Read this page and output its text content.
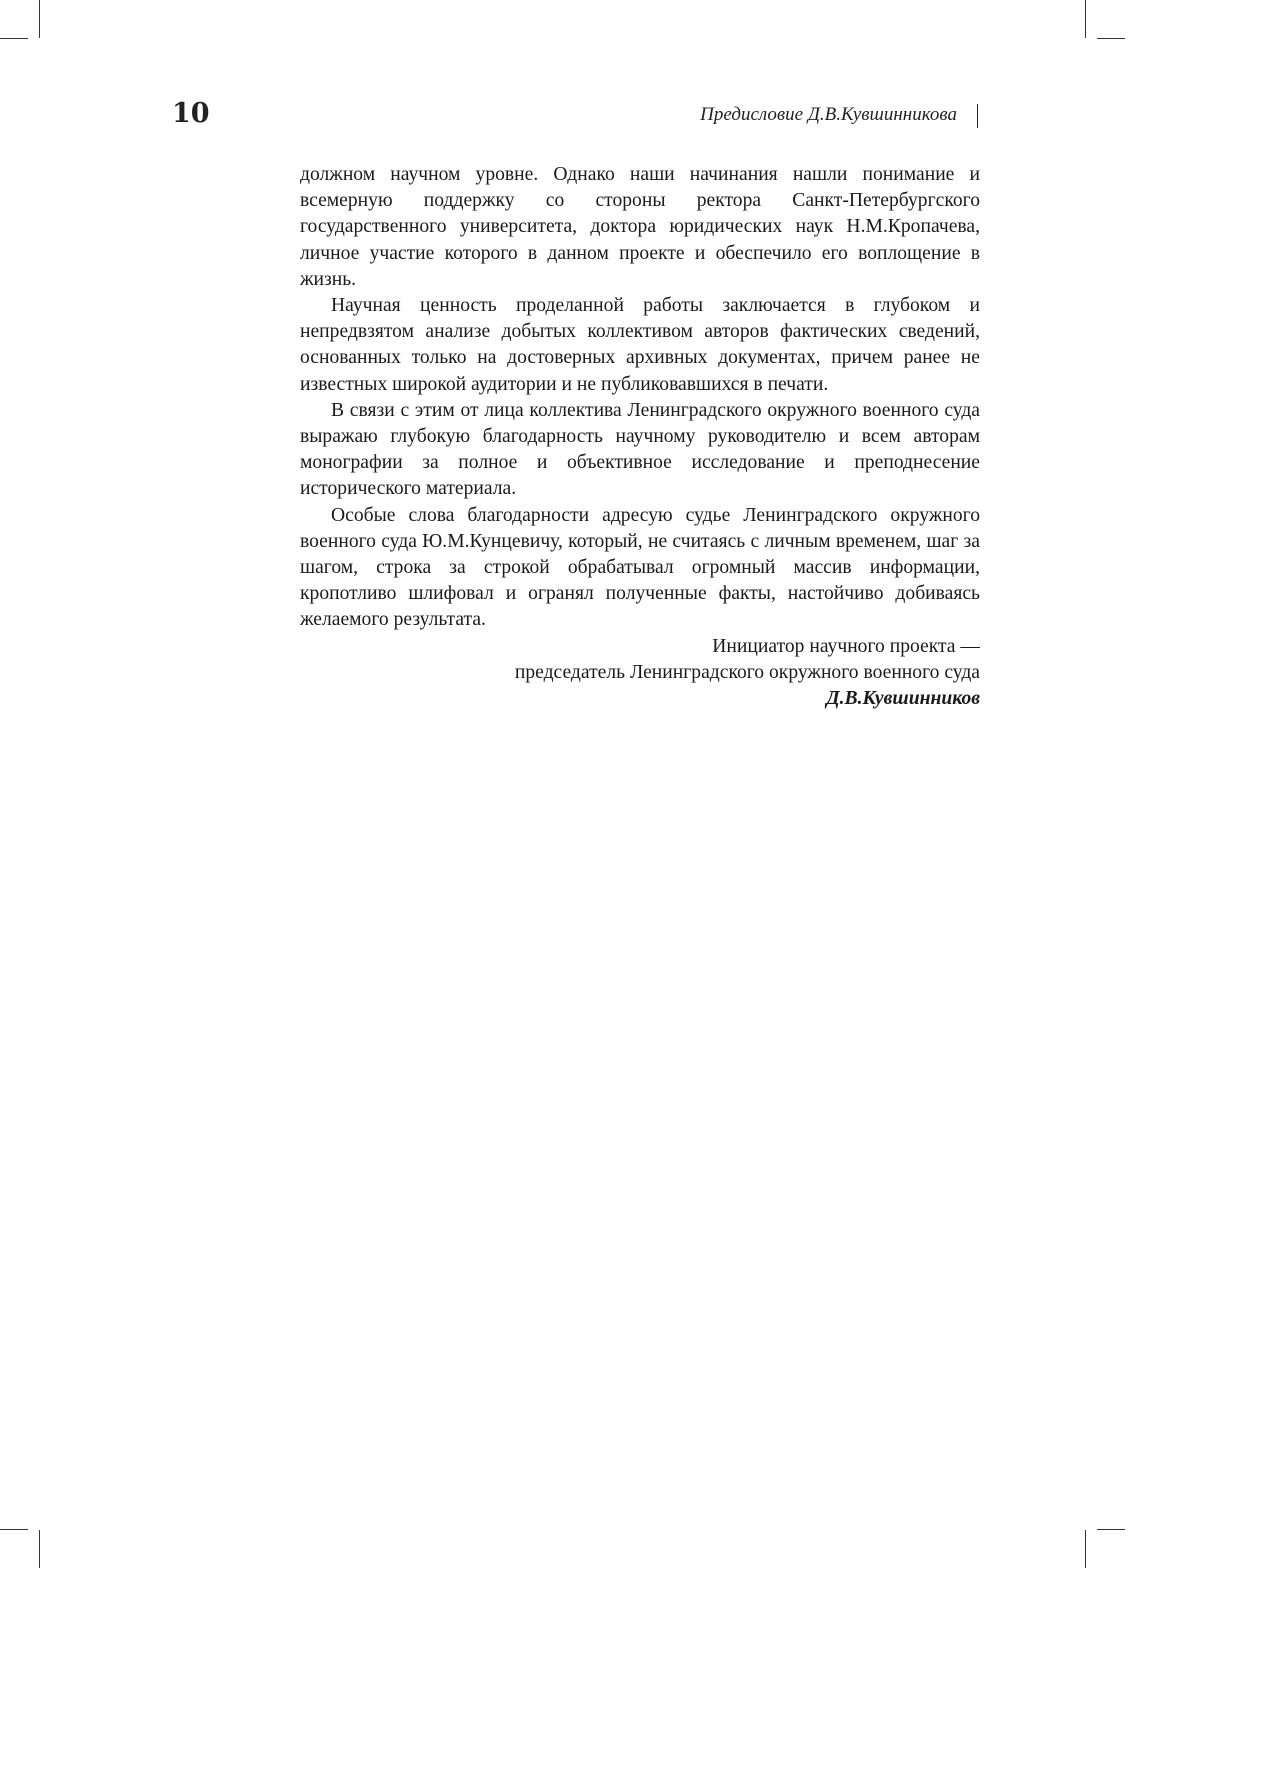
10	Предисловие Д.В.Кувшинникова

должном научном уровне. Однако наши начинания нашли понимание и всемерную поддержку со стороны ректора Санкт-Петербургского государственного университета, доктора юридических наук Н.М.Кропачева, личное участие которого в данном проекте и обеспечило его воплощение в жизнь.

Научная ценность проделанной работы заключается в глубоком и непредвзятом анализе добытых коллективом авторов фактических сведений, основанных только на достоверных архивных документах, причем ранее не известных широкой аудитории и не публиковавшихся в печати.

В связи с этим от лица коллектива Ленинградского окружного военного суда выражаю глубокую благодарность научному руководителю и всем авторам монографии за полное и объективное исследование и преподнесение исторического материала.

Особые слова благодарности адресую судье Ленинградского окружного военного суда Ю.М.Кунцевичу, который, не считаясь с личным временем, шаг за шагом, строка за строкой обрабатывал огромный массив информации, кропотливо шлифовал и огранял полученные факты, настойчиво добиваясь желаемого результата.

Инициатор научного проекта —
председатель Ленинградского окружного военного суда
Д.В.Кувшинников
